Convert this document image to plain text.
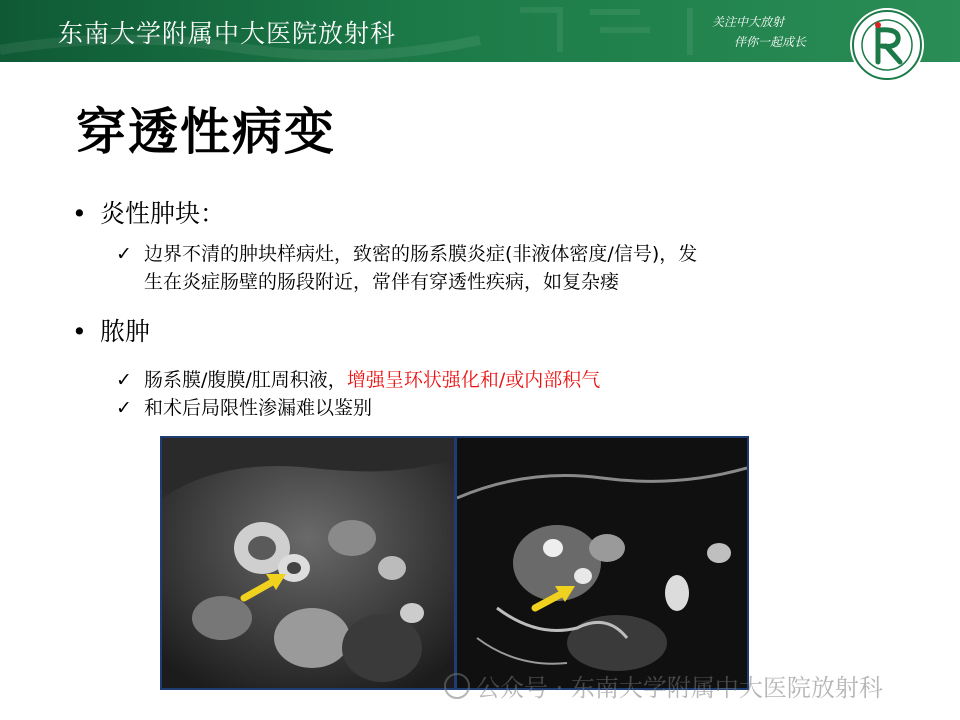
东南大学附属中大医院放射科	关注中大放射
伴你一起成长
穿透性病变
• 炎性肿块：
✓ 边界不清的肿块样病灶，致密的肠系膜炎症(非液体密度/信号)，发
生在炎症肠壁的肠段附近，常伴有穿透性疾病，如复杂瘘
• 脓肿
✓ 肠系膜/腹膜/肛周积液，增强呈环状强化和/或内部积气
✓ 和术后局限性渗漏难以鉴别
公众号 · 东南大学附属中大医院放射科
